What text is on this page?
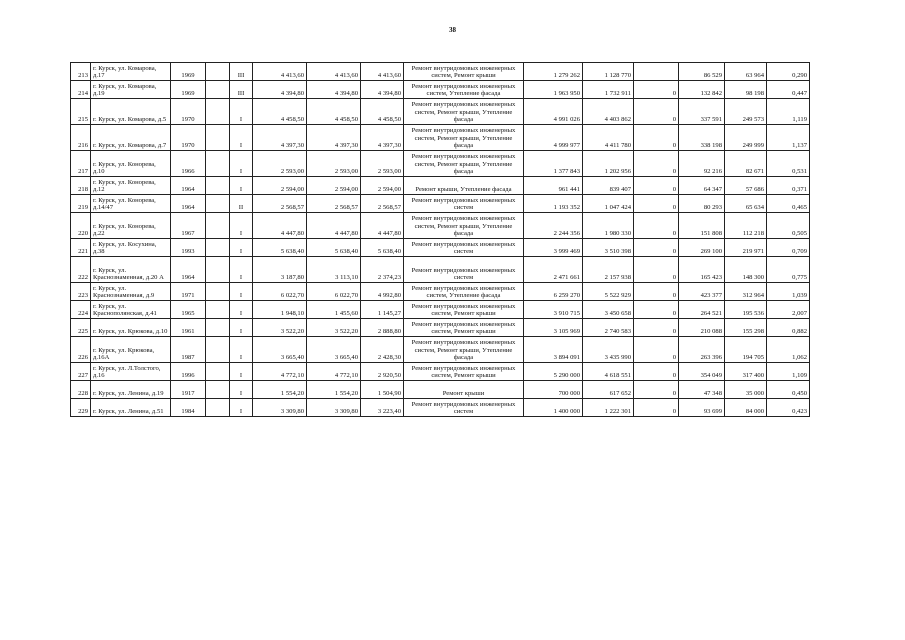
38
213	г. Курск, ул. Комарова, д.17	1969		III	4 413,60	4 413,60	4 413,60	Ремонт внутридомовых инженерных систем, Ремонт крыши	1 279 262	1 128 770		86 529	63 964	0,290
214	г. Курск, ул. Комарова, д.19	1969		III	4 394,80	4 394,80	4 394,80	Ремонт внутридомовых инженерных систем, Утепление фасада	1 963 950	1 732 911	0	132 842	98 198	0,447
215	г. Курск, ул. Комарова, д.5	1970		I	4 458,50	4 458,50	4 458,50	Ремонт внутридомовых инженерных систем, Ремонт крыши, Утепление фасада	4 991 026	4 403 862	0	337 591	249 573	1,119
216	г. Курск, ул. Комарова, д.7	1970		I	4 397,30	4 397,30	4 397,30	Ремонт внутридомовых инженерных систем, Ремонт крыши, Утепление фасада	4 999 977	4 411 780	0	338 198	249 999	1,137
217	г. Курск, ул. Конорева, д.10	1966		I	2 593,00	2 593,00	2 593,00	Ремонт внутридомовых инженерных систем, Ремонт крыши, Утепление фасада	1 377 843	1 202 956	0	92 216	82 671	0,531
218	г. Курск, ул. Конорева, д.12	1964		I	2 594,00	2 594,00	2 594,00	Ремонт крыши, Утепление фасада	961 441	839 407	0	64 347	57 686	0,371
219	г. Курск, ул. Конорева, д.14/47	1964		II	2 568,57	2 568,57	2 568,57	Ремонт внутридомовых инженерных систем	1 193 352	1 047 424	0	80 293	65 634	0,465
220	г. Курск, ул. Конорева, д.22	1967		I	4 447,80	4 447,80	4 447,80	Ремонт внутридомовых инженерных систем, Ремонт крыши, Утепление фасада	2 244 356	1 980 330	0	151 808	112 218	0,505
221	г. Курск, ул. Косухина, д.38	1993		I	5 638,40	5 638,40	5 638,40	Ремонт внутридомовых инженерных систем	3 999 469	3 510 398	0	269 100	219 971	0,709
222	г. Курск, ул. Краснознаменная, д.20 А	1964		I	3 187,80	3 113,10	2 374,23	Ремонт внутридомовых инженерных систем	2 471 661	2 157 938	0	165 423	148 300	0,775
223	г. Курск, ул. Краснознаменная, д.9	1971		I	6 022,70	6 022,70	4 992,80	Ремонт внутридомовых инженерных систем, Утепление фасада	6 259 270	5 522 929	0	423 377	312 964	1,039
224	г. Курск, ул. Краснополянская, д.41	1965		I	1 948,10	1 455,60	1 145,27	Ремонт внутридомовых инженерных систем, Ремонт крыши	3 910 715	3 450 658	0	264 521	195 536	2,007
225	г. Курск, ул. Крюкова, д.10	1961		I	3 522,20	3 522,20	2 888,80	Ремонт внутридомовых инженерных систем, Ремонт крыши	3 105 969	2 740 583	0	210 088	155 298	0,882
226	г. Курск, ул. Крюкова, д.16А	1987		I	3 665,40	3 665,40	2 428,30	Ремонт внутридомовых инженерных систем, Ремонт крыши, Утепление фасада	3 894 091	3 435 990	0	263 396	194 705	1,062
227	г. Курск, ул. Л.Толстого, д.16	1996		I	4 772,10	4 772,10	2 920,50	Ремонт внутридомовых инженерных систем, Ремонт крыши	5 290 000	4 618 551	0	354 049	317 400	1,109
228	г. Курск, ул. Ленина, д.19	1917		I	1 554,20	1 554,20	1 504,90	Ремонт крыши	700 000	617 652	0	47 348	35 000	0,450
229	г. Курск, ул. Ленина, д.51	1984		I	3 309,80	3 309,80	3 223,40	Ремонт внутридомовых инженерных систем	1 400 000	1 222 301	0	93 699	84 000	0,423
